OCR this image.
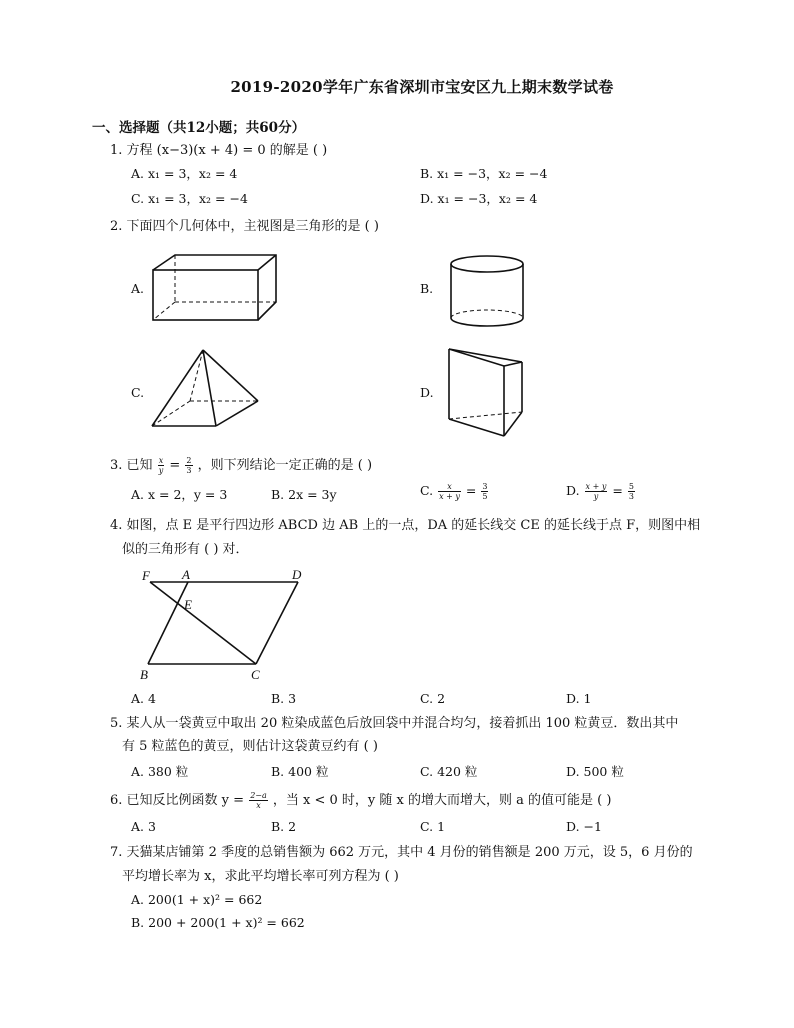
2019-2020学年广东省深圳市宝安区九上期末数学试卷
一、选择题（共12小题；共60分）
1. 方程 (x−3)(x + 4) = 0 的解是 ( )
A. x₁ = 3，x₂ = 4	B. x₁ = −3，x₂ = −4
C. x₁ = 3，x₂ = −4	D. x₁ = −3，x₂ = 4
2. 下面四个几何体中，主视图是三角形的是 ( )
A.	B.
C.	D.
3. 已知 $\frac{x}{y} = \frac{2}{3}$ ，则下列结论一定正确的是 ( )
A. x = 2，y = 3	B. 2x = 3y	C. $\frac{x}{x + y} = \frac{3}{5}$	D. $\frac{x + y}{y} = \frac{5}{3}$
4. 如图，点 E 是平行四边形 ABCD 边 AB 上的一点，DA 的延长线交 CE 的延长线于点 F，则图中相
似的三角形有 ( ) 对．
F A	D
E
B	C
A. 4	B. 3	C. 2	D. 1
5. 某人从一袋黄豆中取出 20 粒染成蓝色后放回袋中并混合均匀，接着抓出 100 粒黄豆．数出其中
有 5 粒蓝色的黄豆，则估计这袋黄豆约有 ( )
A. 380 粒	B. 400 粒	C. 420 粒	D. 500 粒
6. 已知反比例函数 $y = \frac{2-a}{x}$ ，当 x < 0 时，y 随 x 的增大而增大，则 a 的值可能是 ( )
A. 3	B. 2	C. 1	D. −1
7. 天猫某店铺第 2 季度的总销售额为 662 万元，其中 4 月份的销售额是 200 万元，设 5，6 月份的
平均增长率为 x，求此平均增长率可列方程为 ( )
A. 200(1 + x)² = 662
B. 200 + 200(1 + x)² = 662
